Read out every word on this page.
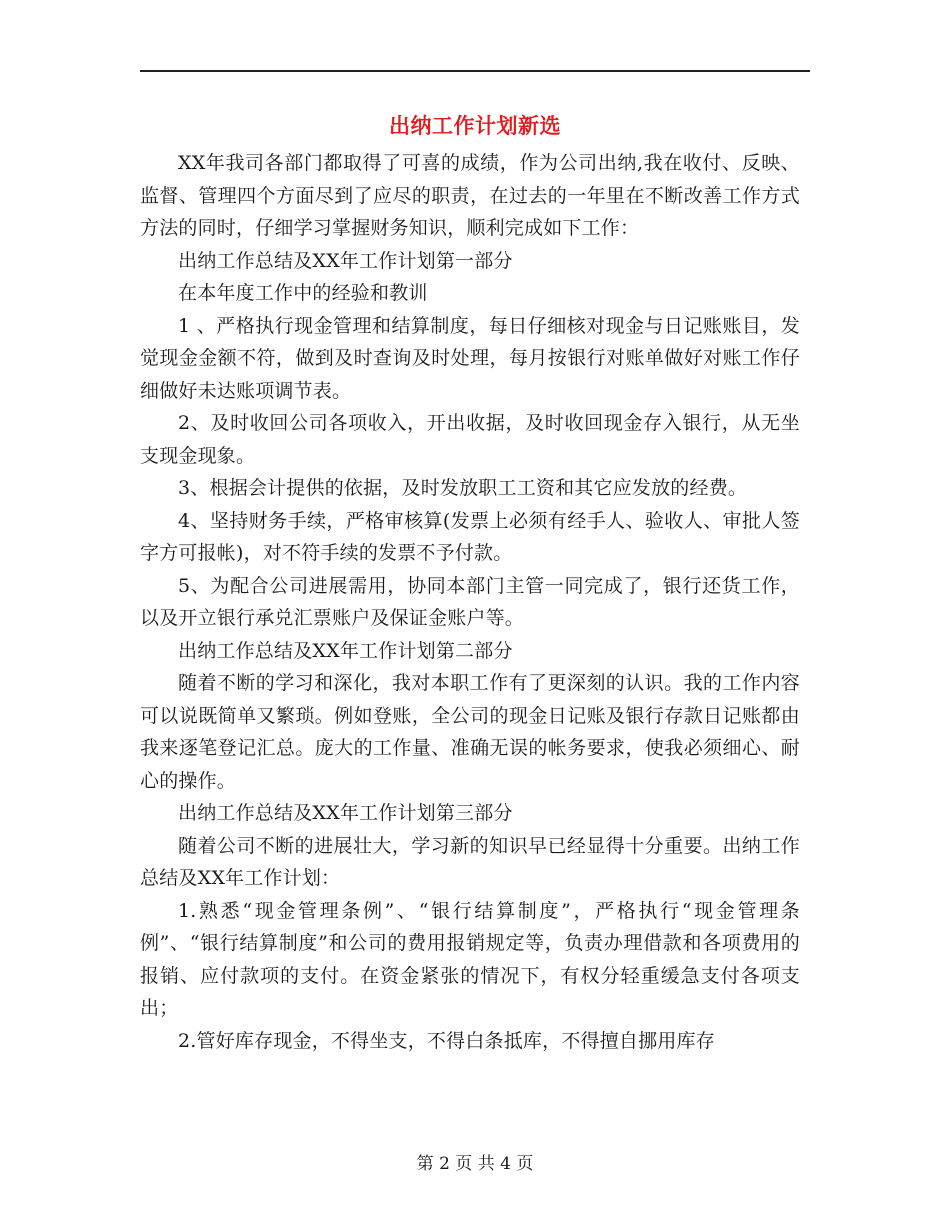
出纳工作计划新选

XX年我司各部门都取得了可喜的成绩，作为公司出纳,我在收付、反映、监督、管理四个方面尽到了应尽的职责，在过去的一年里在不断改善工作方式方法的同时，仔细学习掌握财务知识，顺利完成如下工作：

出纳工作总结及XX年工作计划第一部分

在本年度工作中的经验和教训

1 、严格执行现金管理和结算制度，每日仔细核对现金与日记账账目，发觉现金金额不符，做到及时查询及时处理，每月按银行对账单做好对账工作仔细做好未达账项调节表。

2、及时收回公司各项收入，开出收据，及时收回现金存入银行，从无坐支现金现象。

3、根据会计提供的依据，及时发放职工工资和其它应发放的经费。

4、坚持财务手续，严格审核算(发票上必须有经手人、验收人、审批人签字方可报帐)，对不符手续的发票不予付款。

5、为配合公司进展需用，协同本部门主管一同完成了，银行还货工作，以及开立银行承兑汇票账户及保证金账户等。

出纳工作总结及XX年工作计划第二部分

随着不断的学习和深化，我对本职工作有了更深刻的认识。我的工作内容可以说既简单又繁琐。例如登账，全公司的现金日记账及银行存款日记账都由我来逐笔登记汇总。庞大的工作量、准确无误的帐务要求，使我必须细心、耐心的操作。

出纳工作总结及XX年工作计划第三部分

随着公司不断的进展壮大，学习新的知识早已经显得十分重要。出纳工作总结及XX年工作计划：

1.熟悉“现金管理条例”、“银行结算制度”，严格执行“现金管理条例”、“银行结算制度”和公司的费用报销规定等，负责办理借款和各项费用的报销、应付款项的支付。在资金紧张的情况下，有权分轻重缓急支付各项支出；

2.管好库存现金，不得坐支，不得白条抵库，不得擅自挪用库存

第 2 页 共 4 页
